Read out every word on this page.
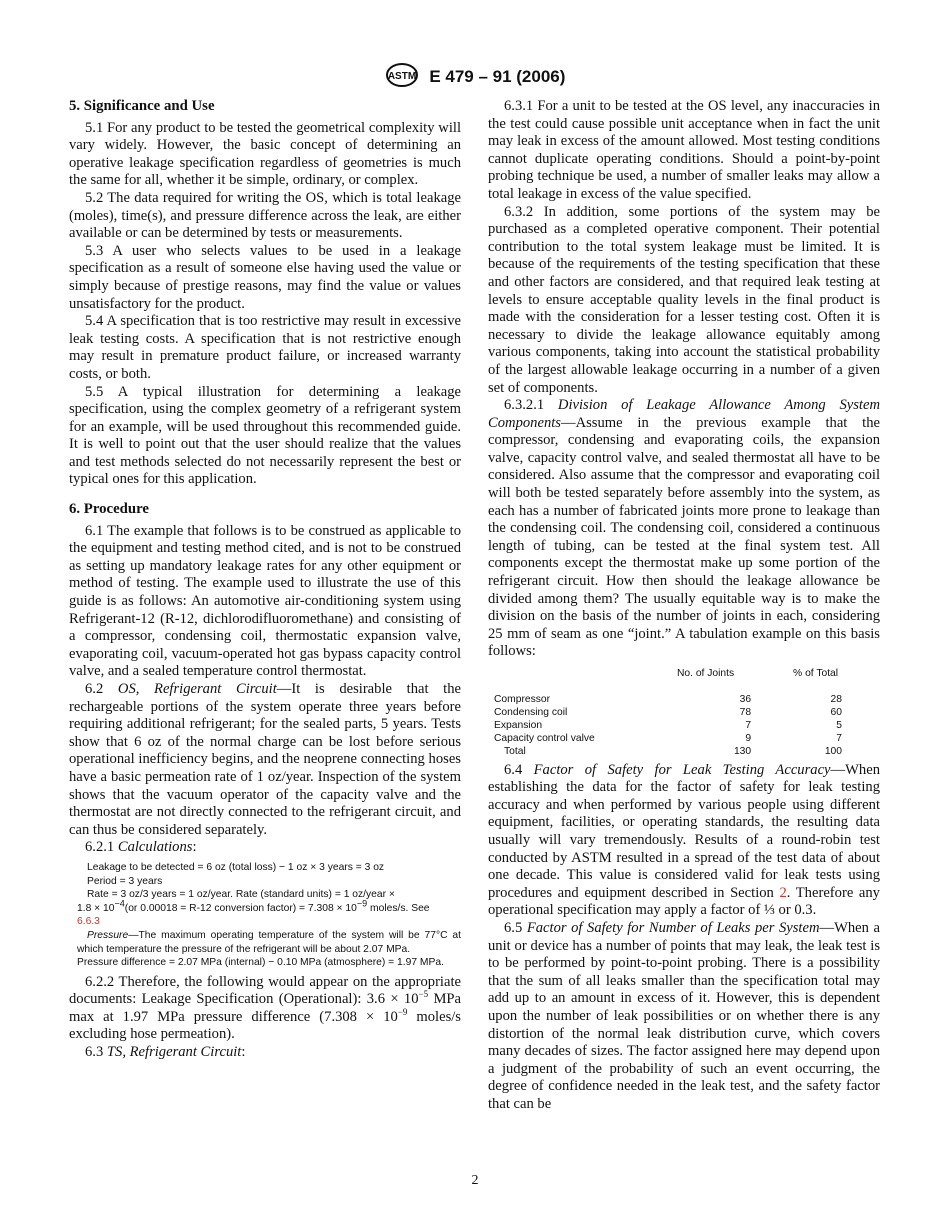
ASTM E 479 – 91 (2006)
5. Significance and Use

5.1 For any product to be tested the geometrical complexity will vary widely. However, the basic concept of determining an operative leakage specification regardless of geometries is much the same for all, whether it be simple, ordinary, or complex.

5.2 The data required for writing the OS, which is total leakage (moles), time(s), and pressure difference across the leak, are either available or can be determined by tests or measurements.

5.3 A user who selects values to be used in a leakage specification as a result of someone else having used the value or simply because of prestige reasons, may find the value or values unsatisfactory for the product.

5.4 A specification that is too restrictive may result in excessive leak testing costs. A specification that is not restrictive enough may result in premature product failure, or increased warranty costs, or both.

5.5 A typical illustration for determining a leakage specification, using the complex geometry of a refrigerant system for an example, will be used throughout this recommended guide. It is well to point out that the user should realize that the values and test methods selected do not necessarily represent the best or typical ones for this application.

6. Procedure

6.1 The example that follows is to be construed as applicable to the equipment and testing method cited, and is not to be construed as setting up mandatory leakage rates for any other equipment or method of testing. The example used to illustrate the use of this guide is as follows: An automotive air-conditioning system using Refrigerant-12 (R-12, dichlorodifluoromethane) and consisting of a compressor, condensing coil, thermostatic expansion valve, evaporating coil, vacuum-operated hot gas bypass capacity control valve, and a sealed temperature control thermostat.

6.2 OS, Refrigerant Circuit—It is desirable that the rechargeable portions of the system operate three years before requiring additional refrigerant; for the sealed parts, 5 years. Tests show that 6 oz of the normal charge can be lost before serious operational inefficiency begins, and the neoprene connecting hoses have a basic permeation rate of 1 oz/year. Inspection of the system shows that the vacuum operator of the capacity valve and the thermostat are not directly connected to the refrigerant circuit, and can thus be considered separately.

6.2.1 Calculations:

Leakage to be detected = 6 oz (total loss) − 1 oz × 3 years = 3 oz
Period = 3 years
Rate = 3 oz/3 years = 1 oz/year. Rate (standard units) = 1 oz/year ×
$1.8 \times 10^{-4}(or$ 0.00018 = R-12 conversion factor) = $7.308 \times 10^{-9}$ moles/s. See
6.6.3
Pressure—The maximum operating temperature of the system will be 77°C at which temperature the pressure of the refrigerant will be about 2.07 MPa.
Pressure difference = 2.07 MPa (internal) − 0.10 MPa (atmosphere) = 1.97 MPa.

6.2.2 Therefore, the following would appear on the appropriate documents: Leakage Specification (Operational): $3.6 \times 10^{-5}$ MPa max at 1.97 MPa pressure difference ($7.308 \times 10^{-9}$ moles/s excluding hose permeation).

6.3 TS, Refrigerant Circuit:

6.3.1 For a unit to be tested at the OS level, any inaccuracies in the test could cause possible unit acceptance when in fact the unit may leak in excess of the amount allowed. Most testing conditions cannot duplicate operating conditions. Should a point-by-point probing technique be used, a number of smaller leaks may allow a total leakage in excess of the value specified.

6.3.2 In addition, some portions of the system may be purchased as a completed operative component. Their potential contribution to the total system leakage must be limited. It is because of the requirements of the testing specification that these and other factors are considered, and that required leak testing at levels to ensure acceptable quality levels in the final product is made with the consideration for a lesser testing cost. Often it is necessary to divide the leakage allowance equitably among various components, taking into account the statistical probability of the largest allowable leakage occurring in a number of a given set of components.

6.3.2.1 Division of Leakage Allowance Among System Components—Assume in the previous example that the compressor, condensing and evaporating coils, the expansion valve, capacity control valve, and sealed thermostat all have to be considered. Also assume that the compressor and evaporating coil will both be tested separately before assembly into the system, as each has a number of fabricated joints more prone to leakage than the condensing coil. The condensing coil, considered a continuous length of tubing, can be tested at the final system test. All components except the thermostat make up some portion of the refrigerant circuit. How then should the leakage allowance be divided among them? The usually equitable way is to make the division on the basis of the number of joints in each, considering 25 mm of seam as one “joint.” A tabulation example on this basis follows:

	No. of Joints	% of Total
Compressor	36	28
Condensing coil	78	60
Expansion	7	5
Capacity control valve	9	7
Total	130	100

6.4 Factor of Safety for Leak Testing Accuracy—When establishing the data for the factor of safety for leak testing accuracy and when performed by various people using different equipment, facilities, or operating standards, the resulting data usually will vary tremendously. Results of a round-robin test conducted by ASTM resulted in a spread of the test data of about one decade. This value is considered valid for leak tests using procedures and equipment described in Section 2. Therefore any operational specification may apply a factor of ⅓ or 0.3.

6.5 Factor of Safety for Number of Leaks per System—When a unit or device has a number of points that may leak, the leak test is to be performed by point-to-point probing. There is a possibility that the sum of all leaks smaller than the specification total may add up to an amount in excess of it. However, this is dependent upon the number of leak possibilities or on whether there is any distortion of the normal leak distribution curve, which covers many decades of sizes. The factor assigned here may depend upon a judgment of the probability of such an event occurring, the degree of confidence needed in the leak test, and the safety factor that can be

2
